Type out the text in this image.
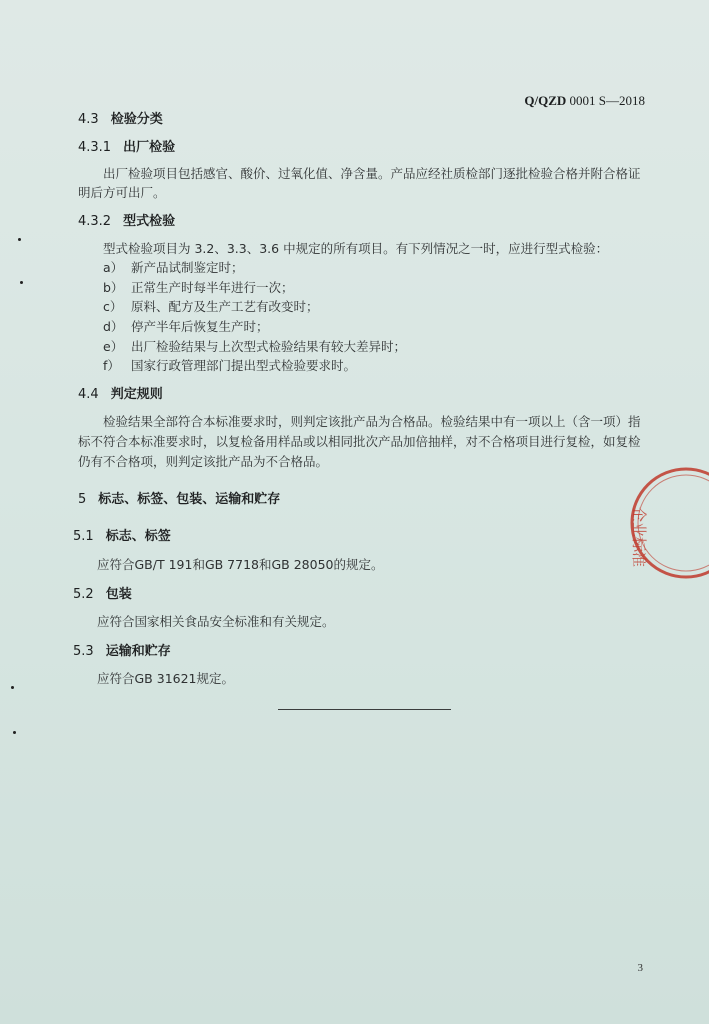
Q/QZD 0001 S—2018
4.3 检验分类
4.3.1 出厂检验
出厂检验项目包括感官、酸价、过氧化值、净含量。产品应经社质检部门逐批检验合格并附合格证
明后方可出厂。
4.3.2 型式检验
型式检验项目为 3.2、3.3、3.6 中规定的所有项目。有下列情况之一时，应进行型式检验：
a） 新产品试制鉴定时；
b） 正常生产时每半年进行一次；
c） 原料、配方及生产工艺有改变时；
d） 停产半年后恢复生产时；
e） 出厂检验结果与上次型式检验结果有较大差异时；
f） 国家行政管理部门提出型式检验要求时。
4.4 判定规则
检验结果全部符合本标准要求时，则判定该批产品为合格品。检验结果中有一项以上（含一项）指
标不符合本标准要求时，以复检备用样品或以相同批次产品加倍抽样，对不合格项目进行复检，如复检
仍有不合格项，则判定该批产品为不合格品。
5 标志、标签、包装、运输和贮存
5.1 标志、标签
应符合GB/T 191和GB 7718和GB 28050的规定。
5.2 包装
应符合国家相关食品安全标准和有关规定。
5.3 运输和贮存
应符合GB 31621规定。
3
企业标准
